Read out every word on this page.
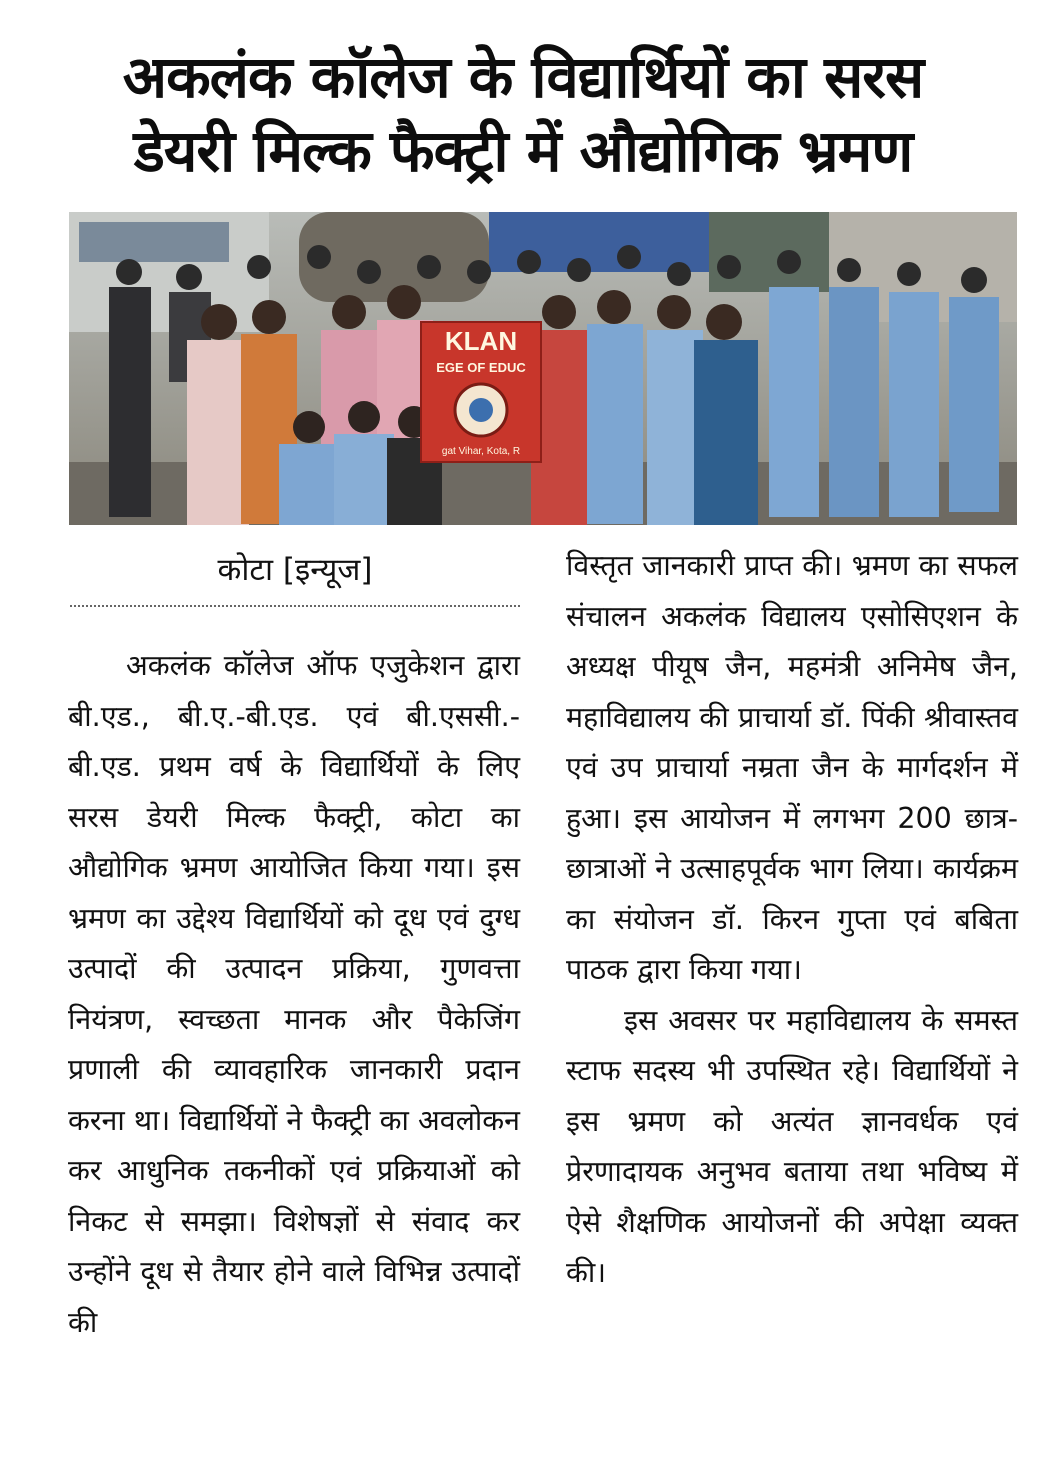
अकलंक कॉलेज के विद्यार्थियों का सरस
डेयरी मिल्क फैक्ट्री में औद्योगिक भ्रमण
KLAN
EGE OF EDUC
gat Vihar, Kota, R
कोटा [इन्यूज]

अकलंक कॉलेज ऑफ एजुकेशन द्वारा बी.एड., बी.ए.-बी.एड. एवं बी.एससी.-बी.एड. प्रथम वर्ष के विद्यार्थियों के लिए सरस डेयरी मिल्क फैक्ट्री, कोटा का औद्योगिक भ्रमण आयोजित किया गया। इस भ्रमण का उद्देश्य विद्यार्थियों को दूध एवं दुग्ध उत्पादों की उत्पादन प्रक्रिया, गुणवत्ता नियंत्रण, स्वच्छता मानक और पैकेजिंग प्रणाली की व्यावहारिक जानकारी प्रदान करना था। विद्यार्थियों ने फैक्ट्री का अवलोकन कर आधुनिक तकनीकों एवं प्रक्रियाओं को निकट से समझा। विशेषज्ञों से संवाद कर उन्होंने दूध से तैयार होने वाले विभिन्न उत्पादों की

विस्तृत जानकारी प्राप्त की। भ्रमण का सफल संचालन अकलंक विद्यालय एसोसिएशन के अध्यक्ष पीयूष जैन, महमंत्री अनिमेष जैन, महाविद्यालय की प्राचार्या डॉ. पिंकी श्रीवास्तव एवं उप प्राचार्या नम्रता जैन के मार्गदर्शन में हुआ। इस आयोजन में लगभग 200 छात्र-छात्राओं ने उत्साहपूर्वक भाग लिया। कार्यक्रम का संयोजन डॉ. किरन गुप्ता एवं बबिता पाठक द्वारा किया गया।

इस अवसर पर महाविद्यालय के समस्त स्टाफ सदस्य भी उपस्थित रहे। विद्यार्थियों ने इस भ्रमण को अत्यंत ज्ञानवर्धक एवं प्रेरणादायक अनुभव बताया तथा भविष्य में ऐसे शैक्षणिक आयोजनों की अपेक्षा व्यक्त की।
